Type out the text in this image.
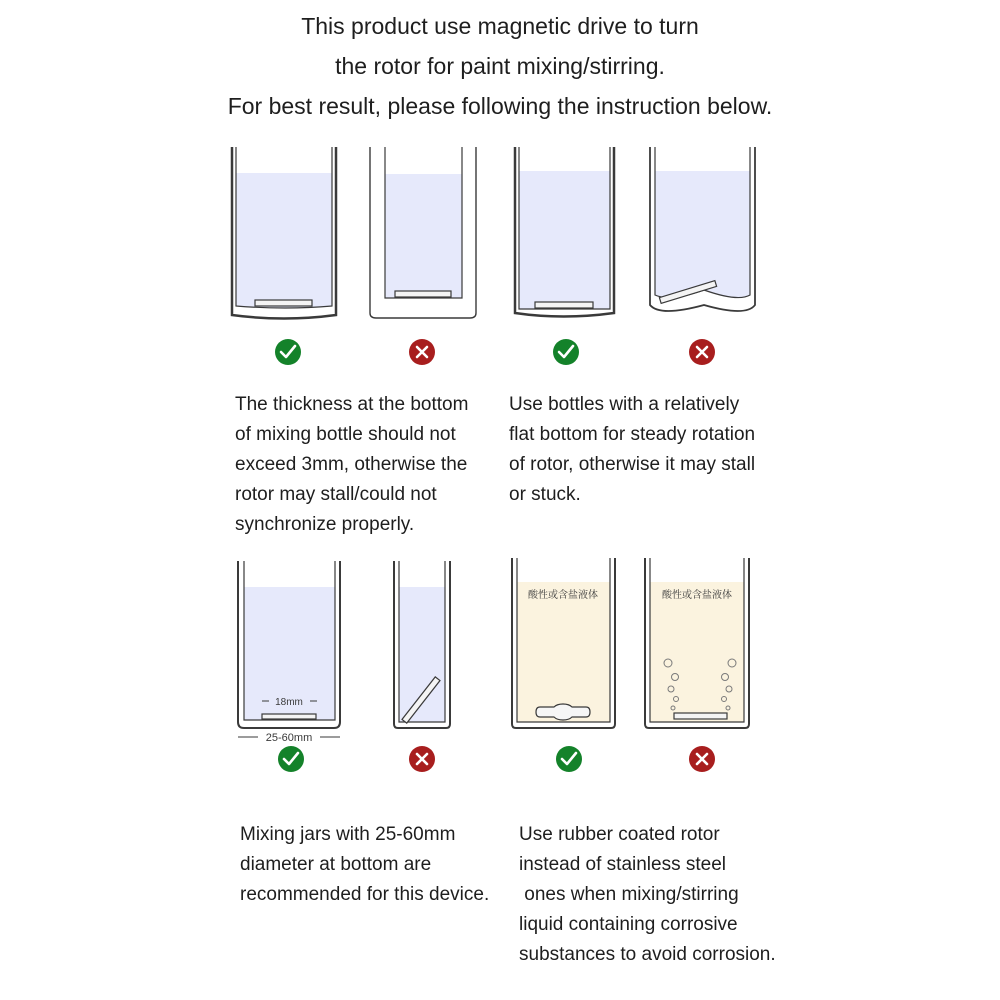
This product use magnetic drive to turn
the rotor for paint mixing/stirring.
For best result, please following the instruction below.
18mm
25-60mm
酸性或含盐液体	酸性或含盐液体
The thickness at the bottom
of mixing bottle should not
exceed 3mm, otherwise the
rotor may stall/could not
synchronize properly.
Use bottles with a relatively
flat bottom for steady rotation
of rotor, otherwise it may stall
or stuck.
Mixing jars with 25-60mm
diameter at bottom are
recommended for this device.
Use rubber coated rotor
instead of stainless steel
ones when mixing/stirring
liquid containing corrosive
substances to avoid corrosion.
